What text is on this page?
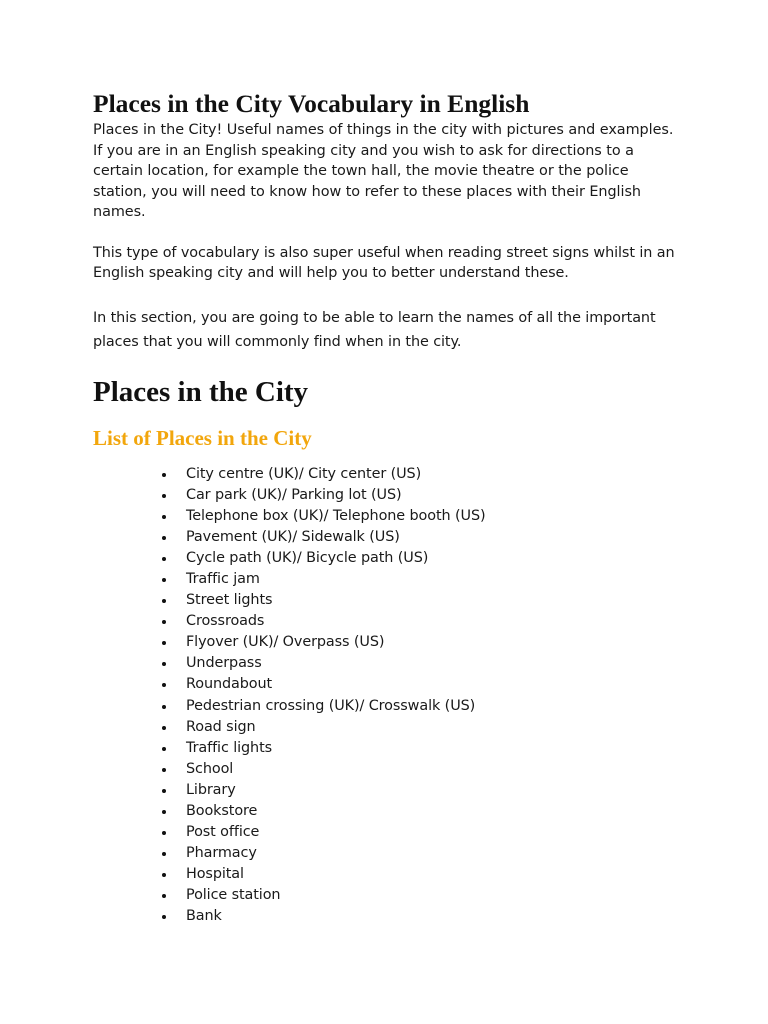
Places in the City Vocabulary in English

Places in the City! Useful names of things in the city with pictures and examples. If you are in an English speaking city and you wish to ask for directions to a certain location, for example the town hall, the movie theatre or the police station, you will need to know how to refer to these places with their English names.

This type of vocabulary is also super useful when reading street signs whilst in an English speaking city and will help you to better understand these.

In this section, you are going to be able to learn the names of all the important places that you will commonly find when in the city.

Places in the City
List of Places in the City
City centre (UK)/ City center (US)
Car park (UK)/ Parking lot (US)
Telephone box (UK)/ Telephone booth (US)
Pavement (UK)/ Sidewalk (US)
Cycle path (UK)/ Bicycle path (US)
Traffic jam
Street lights
Crossroads
Flyover (UK)/ Overpass (US)
Underpass
Roundabout
Pedestrian crossing (UK)/ Crosswalk (US)
Road sign
Traffic lights
School
Library
Bookstore
Post office
Pharmacy
Hospital
Police station
Bank
